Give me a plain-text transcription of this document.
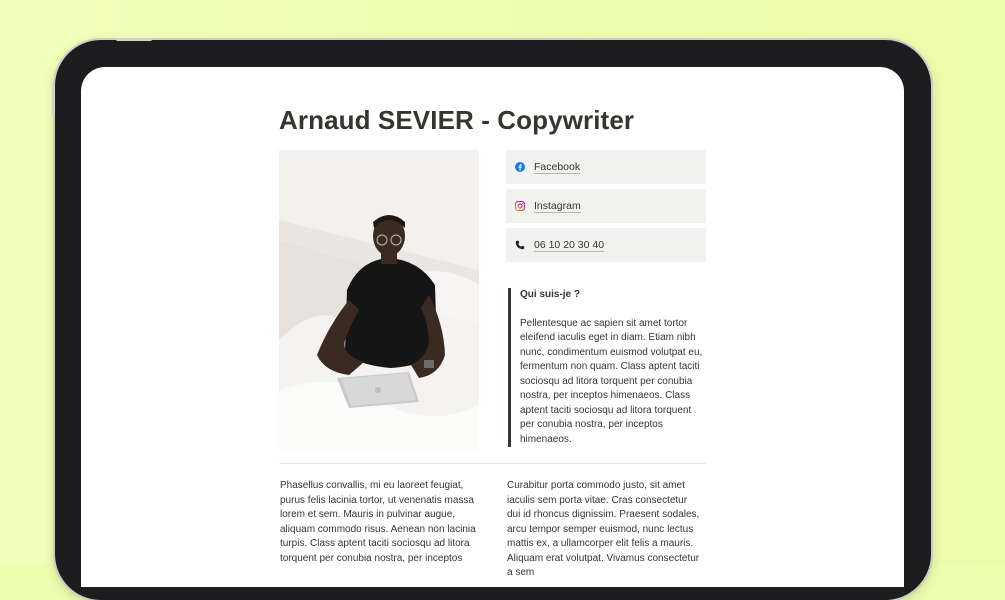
Arnaud SEVIER - Copywriter
Facebook
Instagram
06 10 20 30 40
Qui suis-je ?
Pellentesque ac sapien sit amet tortor eleifend iaculis eget in diam. Etiam nibh nunc, condimentum euismod volutpat eu, fermentum non quam. Class aptent taciti sociosqu ad litora torquent per conubia nostra, per inceptos himenaeos. Class aptent taciti sociosqu ad litora torquent per conubia nostra, per inceptos himenaeos.
Phasellus convallis, mi eu laoreet feugiat, purus felis lacinia tortor, ut venenatis massa lorem et sem. Mauris in pulvinar augue, aliquam commodo risus. Aenean non lacinia turpis. Class aptent taciti sociosqu ad litora torquent per conubia nostra, per inceptos
Curabitur porta commodo justo, sit amet iaculis sem porta vitae. Cras consectetur dui id rhoncus dignissim. Praesent sodales, arcu tempor semper euismod, nunc lectus mattis ex, a ullamcorper elit felis a mauris. Aliquam erat volutpat. Vivamus consectetur a sem
